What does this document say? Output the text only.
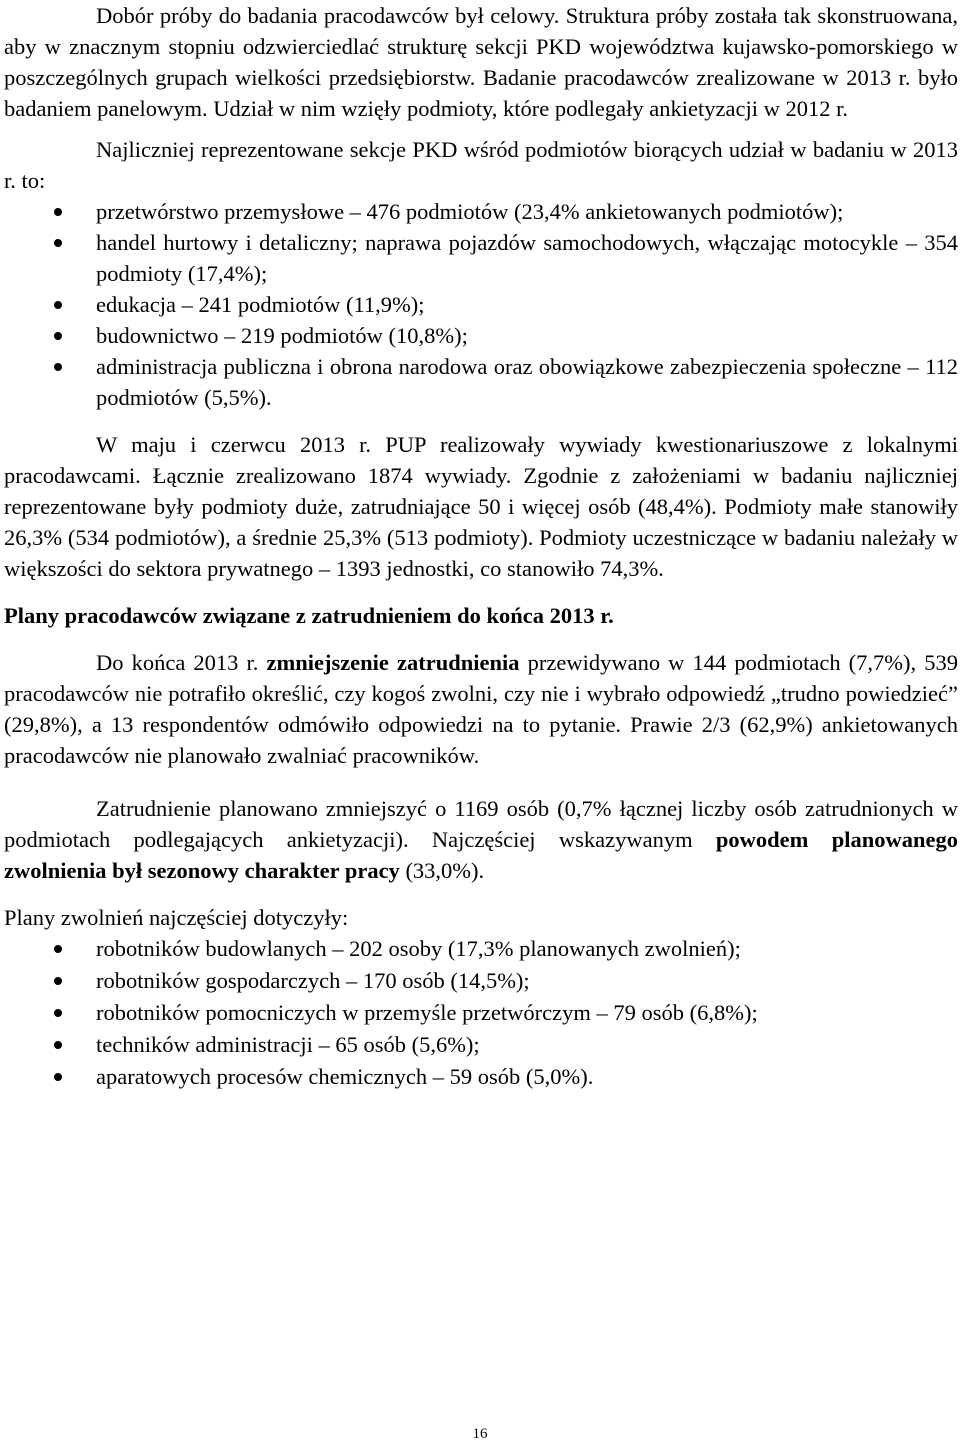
Dobór próby do badania pracodawców był celowy. Struktura próby została tak skonstruowana, aby w znacznym stopniu odzwierciedlać strukturę sekcji PKD województwa kujawsko-pomorskiego w poszczególnych grupach wielkości przedsiębiorstw. Badanie pracodawców zrealizowane w 2013 r. było badaniem panelowym. Udział w nim wzięły podmioty, które podlegały ankietyzacji w 2012 r.

Najliczniej reprezentowane sekcje PKD wśród podmiotów biorących udział w badaniu w 2013 r. to:

przetwórstwo przemysłowe – 476 podmiotów (23,4% ankietowanych podmiotów);
handel hurtowy i detaliczny; naprawa pojazdów samochodowych, włączając motocykle – 354 podmioty (17,4%);
edukacja – 241 podmiotów (11,9%);
budownictwo – 219 podmiotów (10,8%);
administracja publiczna i obrona narodowa oraz obowiązkowe zabezpieczenia społeczne – 112 podmiotów (5,5%).

W maju i czerwcu 2013 r. PUP realizowały wywiady kwestionariuszowe z lokalnymi pracodawcami. Łącznie zrealizowano 1874 wywiady. Zgodnie z założeniami w badaniu najliczniej reprezentowane były podmioty duże, zatrudniające 50 i więcej osób (48,4%). Podmioty małe stanowiły 26,3% (534 podmiotów), a średnie 25,3% (513 podmioty). Podmioty uczestniczące w badaniu należały w większości do sektora prywatnego – 1393 jednostki, co stanowiło 74,3%.

Plany pracodawców związane z zatrudnieniem do końca 2013 r.

Do końca 2013 r. zmniejszenie zatrudnienia przewidywano w 144 podmiotach (7,7%), 539 pracodawców nie potrafiło określić, czy kogoś zwolni, czy nie i wybrało odpowiedź „trudno powiedzieć” (29,8%), a 13 respondentów odmówiło odpowiedzi na to pytanie. Prawie 2/3 (62,9%) ankietowanych pracodawców nie planowało zwalniać pracowników.

Zatrudnienie planowano zmniejszyć o 1169 osób (0,7% łącznej liczby osób zatrudnionych w podmiotach podlegających ankietyzacji). Najczęściej wskazywanym powodem planowanego zwolnienia był sezonowy charakter pracy (33,0%).

Plany zwolnień najczęściej dotyczyły:

robotników budowlanych – 202 osoby (17,3% planowanych zwolnień);
robotników gospodarczych – 170 osób (14,5%);
robotników pomocniczych w przemyśle przetwórczym – 79 osób (6,8%);
techników administracji – 65 osób (5,6%);
aparatowych procesów chemicznych – 59 osób (5,0%).
16
